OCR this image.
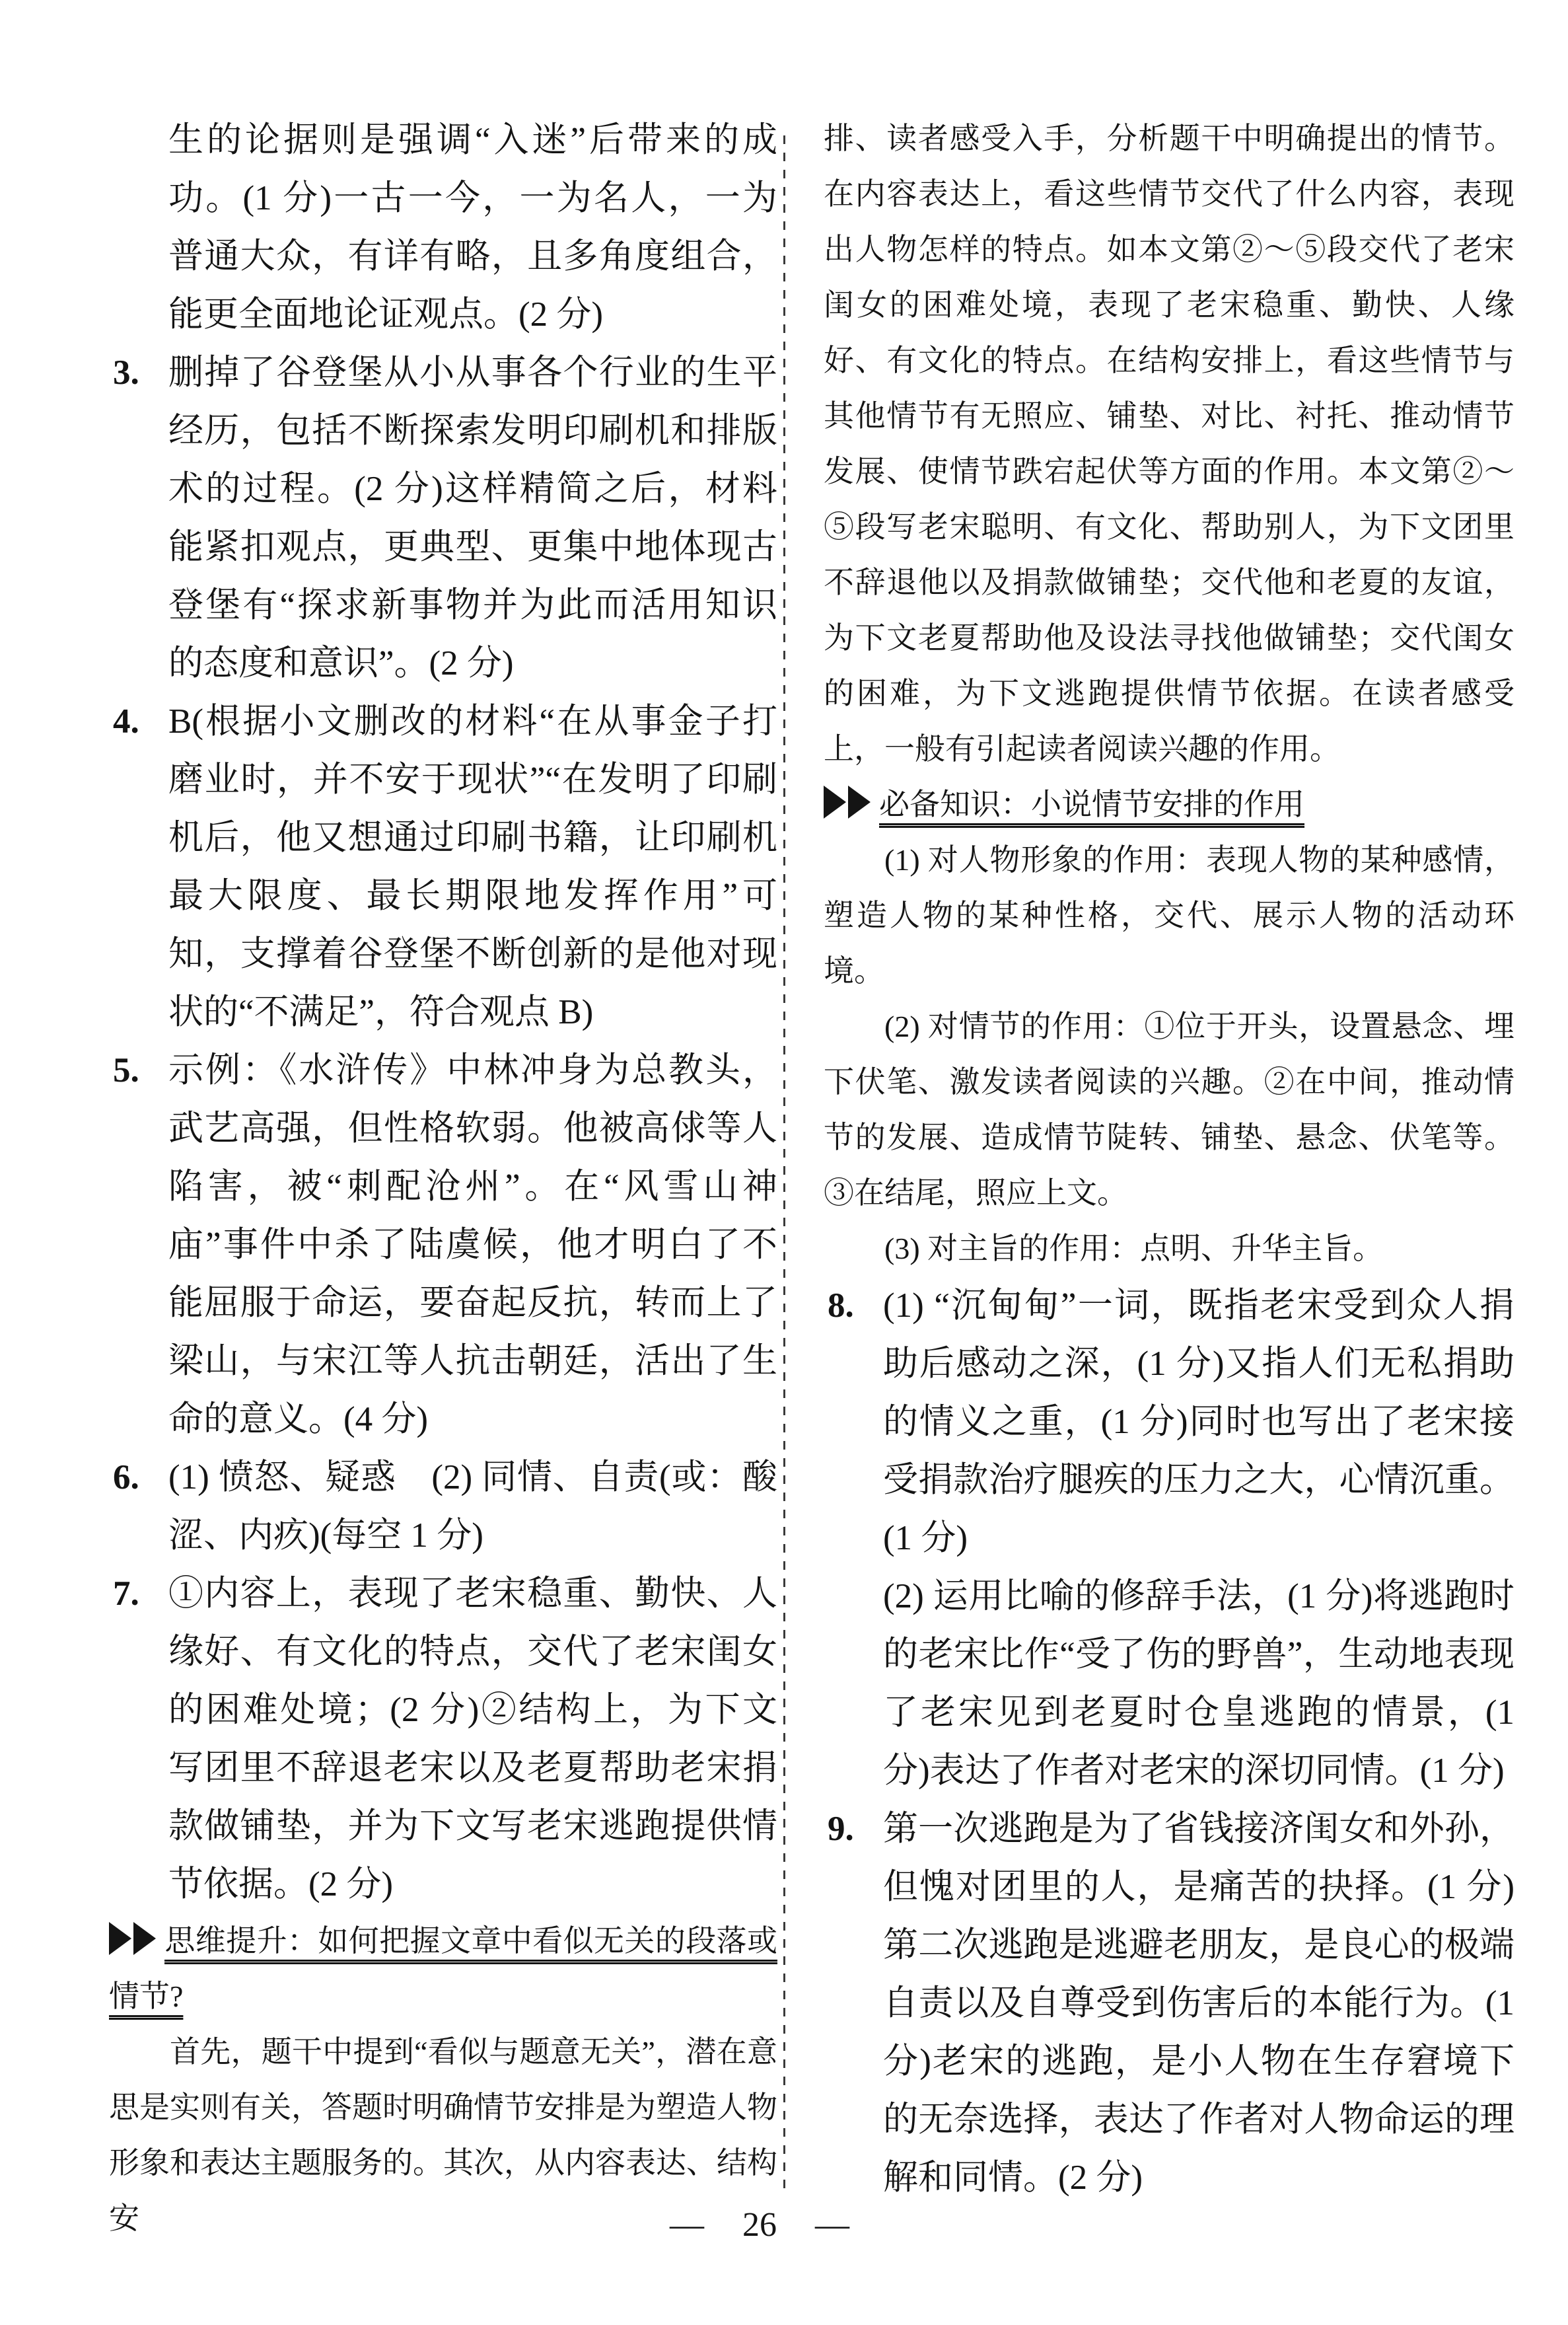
生的论据则是强调“入迷”后带来的成功。(1 分)一古一今，一为名人，一为普通大众，有详有略，且多角度组合，能更全面地论证观点。(2 分)
3. 删掉了谷登堡从小从事各个行业的生平经历，包括不断探索发明印刷机和排版术的过程。(2 分)这样精简之后，材料能紧扣观点，更典型、更集中地体现古登堡有“探求新事物并为此而活用知识的态度和意识”。(2 分)
4. B(根据小文删改的材料“在从事金子打磨业时，并不安于现状”“在发明了印刷机后，他又想通过印刷书籍，让印刷机最大限度、最长期限地发挥作用”可知，支撑着谷登堡不断创新的是他对现状的“不满足”，符合观点 B)
5. 示例：《水浒传》中林冲身为总教头，武艺高强，但性格软弱。他被高俅等人陷害，被“刺配沧州”。在“风雪山神庙”事件中杀了陆虞候，他才明白了不能屈服于命运，要奋起反抗，转而上了梁山，与宋江等人抗击朝廷，活出了生命的意义。(4 分)
6. (1) 愤怒、疑惑　(2) 同情、自责(或：酸涩、内疚)(每空 1 分)
7. ①内容上，表现了老宋稳重、勤快、人缘好、有文化的特点，交代了老宋闺女的困难处境；(2 分)②结构上，为下文写团里不辞退老宋以及老夏帮助老宋捐款做铺垫，并为下文写老宋逃跑提供情节依据。(2 分)
思维提升：如何把握文章中看似无关的段落或情节?
首先，题干中提到“看似与题意无关”，潜在意思是实则有关，答题时明确情节安排是为塑造人物形象和表达主题服务的。其次，从内容表达、结构安
排、读者感受入手，分析题干中明确提出的情节。在内容表达上，看这些情节交代了什么内容，表现出人物怎样的特点。如本文第②～⑤段交代了老宋闺女的困难处境，表现了老宋稳重、勤快、人缘好、有文化的特点。在结构安排上，看这些情节与其他情节有无照应、铺垫、对比、衬托、推动情节发展、使情节跌宕起伏等方面的作用。本文第②～⑤段写老宋聪明、有文化、帮助别人，为下文团里不辞退他以及捐款做铺垫；交代他和老夏的友谊，为下文老夏帮助他及设法寻找他做铺垫；交代闺女的困难，为下文逃跑提供情节依据。在读者感受上，一般有引起读者阅读兴趣的作用。
必备知识：小说情节安排的作用
(1) 对人物形象的作用：表现人物的某种感情，塑造人物的某种性格，交代、展示人物的活动环境。
(2) 对情节的作用：①位于开头，设置悬念、埋下伏笔、激发读者阅读的兴趣。②在中间，推动情节的发展、造成情节陡转、铺垫、悬念、伏笔等。③在结尾，照应上文。
(3) 对主旨的作用：点明、升华主旨。
8. (1) “沉甸甸”一词，既指老宋受到众人捐助后感动之深，(1 分)又指人们无私捐助的情义之重，(1 分)同时也写出了老宋接受捐款治疗腿疾的压力之大，心情沉重。(1 分)
(2) 运用比喻的修辞手法，(1 分)将逃跑时的老宋比作“受了伤的野兽”，生动地表现了老宋见到老夏时仓皇逃跑的情景，(1 分)表达了作者对老宋的深切同情。(1 分)
9. 第一次逃跑是为了省钱接济闺女和外孙，但愧对团里的人，是痛苦的抉择。(1 分)第二次逃跑是逃避老朋友，是良心的极端自责以及自尊受到伤害后的本能行为。(1 分)老宋的逃跑，是小人物在生存窘境下的无奈选择，表达了作者对人物命运的理解和同情。(2 分)
— 26 —
